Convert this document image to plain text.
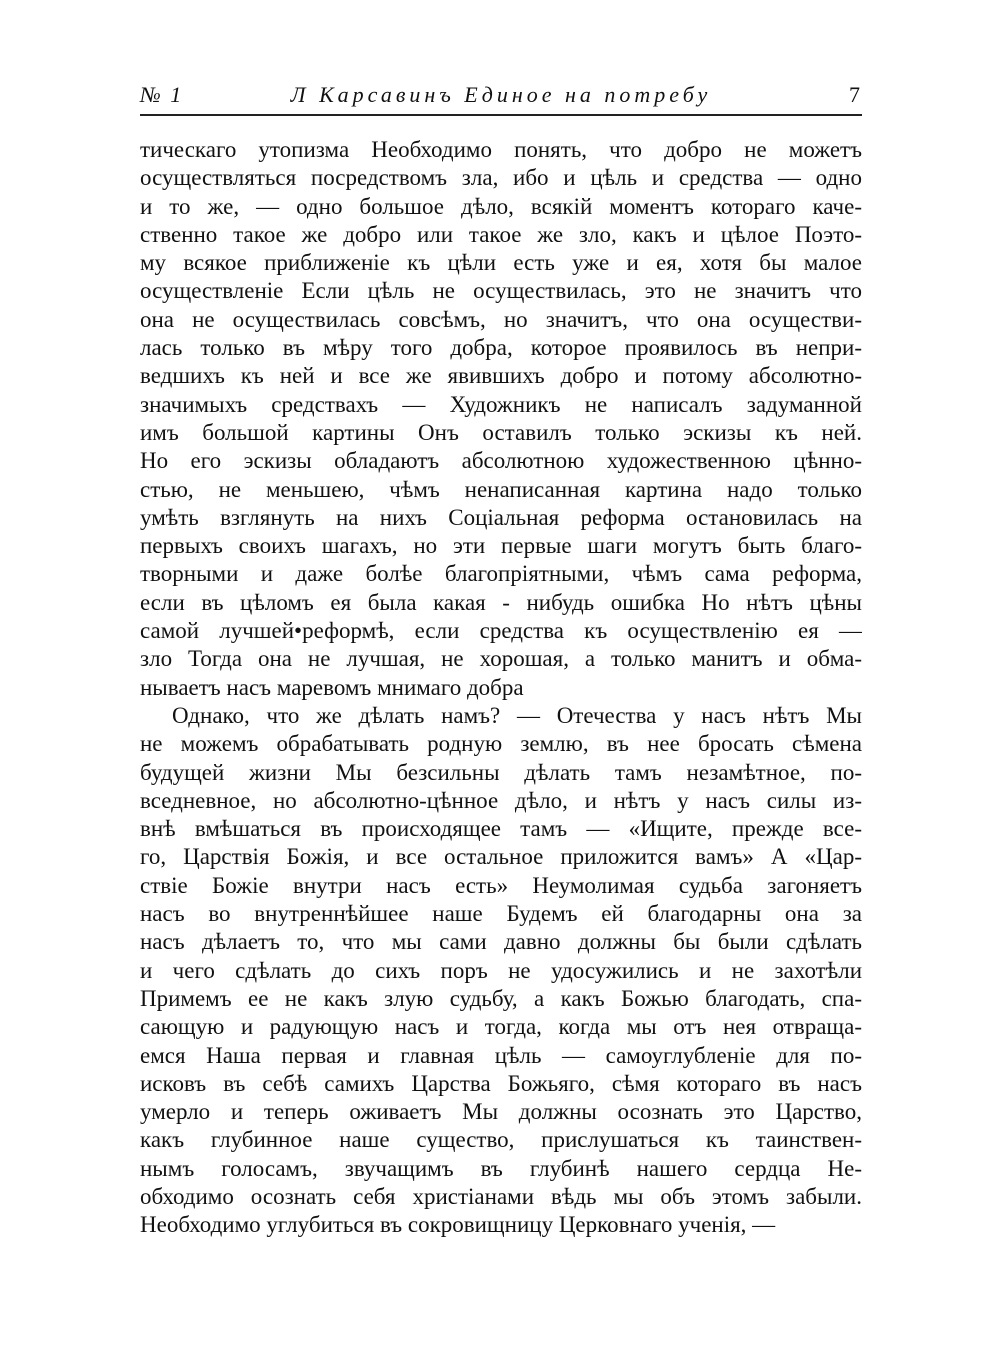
№ 1	Л Карсавинъ Единое на потребу	7
тическаго утопизма Необходимо понять, что добро не можетъ
осуществляться посредствомъ зла, ибо и цѣль и средства — одно
и то же, — одно большое дѣло, всякій моментъ котораго каче-
ственно такое же добро или такое же зло, какъ и цѣлое Поэто-
му всякое приближеніе къ цѣли есть уже и ея, хотя бы малое
осуществленіе Если цѣль не осуществилась, это не значитъ что
она не осуществилась совсѣмъ, но значитъ, что она осуществи-
лась только въ мѣру того добра, которое проявилось въ непри-
ведшихъ къ ней и все же явившихъ добро и потому абсолютно-
значимыхъ средствахъ — Художникъ не написалъ задуманной
имъ большой картины Онъ оставилъ только эскизы къ ней.
Но его эскизы обладаютъ абсолютною художественною цѣнно-
стью, не меньшею, чѣмъ ненаписанная картина надо только
умѣть взглянуть на нихъ Соціальная реформа остановилась на
первыхъ своихъ шагахъ, но эти первые шаги могутъ быть благо-
творными и даже болѣе благопріятными, чѣмъ сама реформа,
если въ цѣломъ ея была какая - нибудь ошибка Но нѣтъ цѣны
самой лучшей•реформѣ, если средства къ осуществленію ея —
зло Тогда она не лучшая, не хорошая, а только манитъ и обма-
нываетъ насъ маревомъ мнимаго добра
Однако, что же дѣлать намъ? — Отечества у насъ нѣтъ Мы
не можемъ обрабатывать родную землю, въ нее бросать сѣмена
будущей жизни Мы безсильны дѣлать тамъ незамѣтное, по-
вседневное, но абсолютно-цѣнное дѣло, и нѣтъ у насъ силы из-
внѣ вмѣшаться въ происходящее тамъ — «Ищите, прежде все-
го, Царствія Божія, и все остальное приложится вамъ» А «Цар-
ствіе Божіе внутри насъ есть» Неумолимая судьба загоняетъ
насъ во внутреннѣйшее наше Будемъ ей благодарны она за
насъ дѣлаетъ то, что мы сами давно должны бы были сдѣлать
и чего сдѣлать до сихъ поръ не удосужились и не захотѣли
Примемъ ее не какъ злую судьбу, а какъ Божью благодать, спа-
сающую и радующую насъ и тогда, когда мы отъ нея отвраща-
емся Наша первая и главная цѣль — самоуглубленіе для по-
исковъ въ себѣ самихъ Царства Божьяго, сѣмя котораго въ насъ
умерло и теперь оживаетъ Мы должны осознать это Царство,
какъ глубинное наше существо, прислушаться къ таинствен-
нымъ голосамъ, звучащимъ въ глубинѣ нашего сердца Не-
обходимо осознать себя христіанами вѣдь мы объ этомъ забыли.
Необходимо углубиться въ сокровищницу Церковнаго ученія, —
